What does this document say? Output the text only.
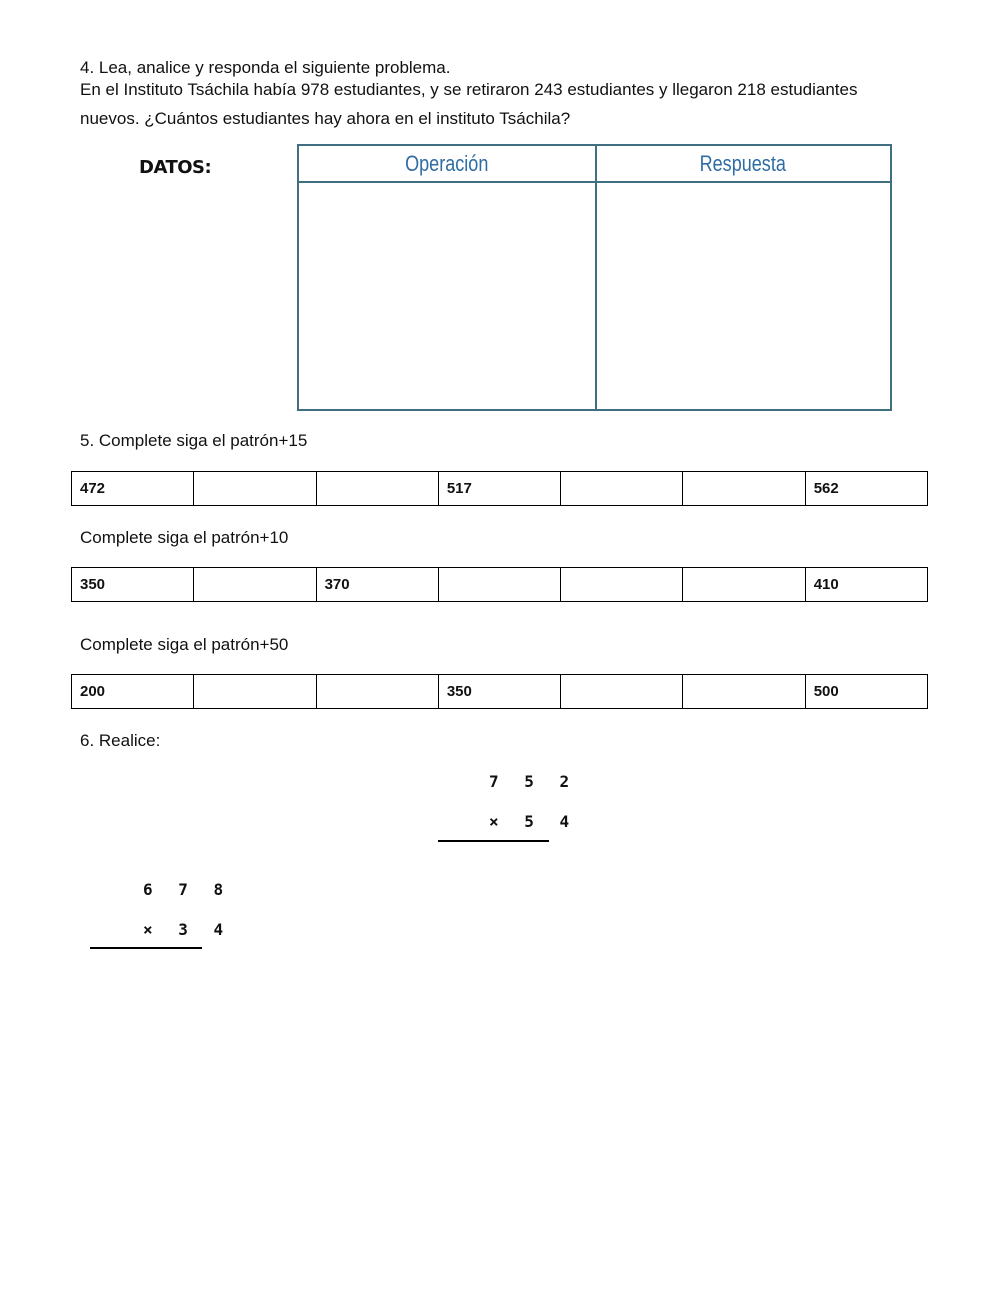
4. Lea, analice y responda el siguiente problema.
En el Instituto Tsáchila había 978 estudiantes, y se retiraron 243 estudiantes y llegaron 218 estudiantes
nuevos. ¿Cuántos estudiantes hay ahora en el instituto Tsáchila?
DATOS:	Operación	Respuesta
5. Complete siga el patrón+15
472			517			562
Complete siga el patrón+10
350		370				410
Complete siga el patrón+50
200			350			500
6. Realice:
7 5 2
× 5 4
6 7 8
× 3 4
